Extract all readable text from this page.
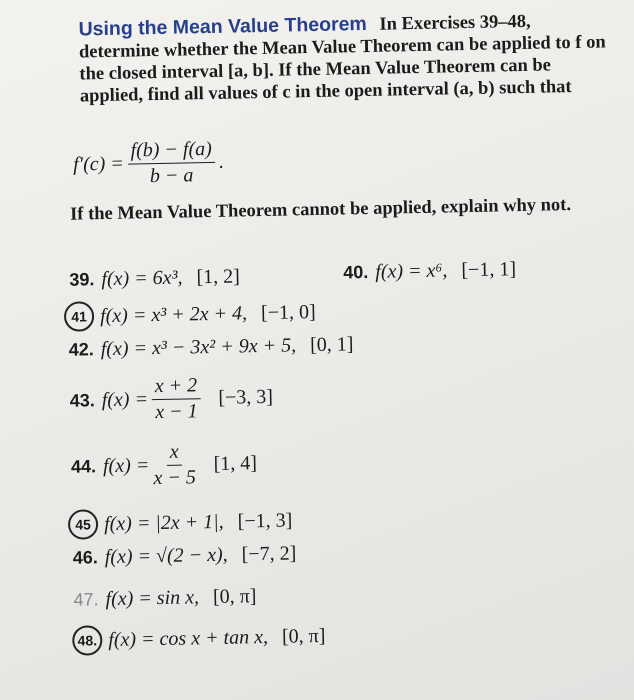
Using the Mean Value Theorem In Exercises 39–48, determine whether the Mean Value Theorem can be applied to f on the closed interval [a, b]. If the Mean Value Theorem can be applied, find all values of c in the open interval (a, b) such that
$f'(c) = \frac{f(b) - f(a)}{b - a}$ .
If the Mean Value Theorem cannot be applied, explain why not.
39. f(x) = 6x³, [1, 2]	40. f(x) = x⁶, [−1, 1]
41 f(x) = x³ + 2x + 4, [−1, 0]
42. f(x) = x³ − 3x² + 9x + 5, [0, 1]
43. $f(x) = \frac{x + 2}{x - 1} [-3$, 3]
44. $f(x) = \frac{x}{x - 5} [1$, 4]
45 f(x) = |2x + 1|, [−1, 3]
46. f(x) = √(2 − x), [−7, 2]
47. f(x) = sin x, [0, π]
48. f(x) = cos x + tan x, [0, π]
